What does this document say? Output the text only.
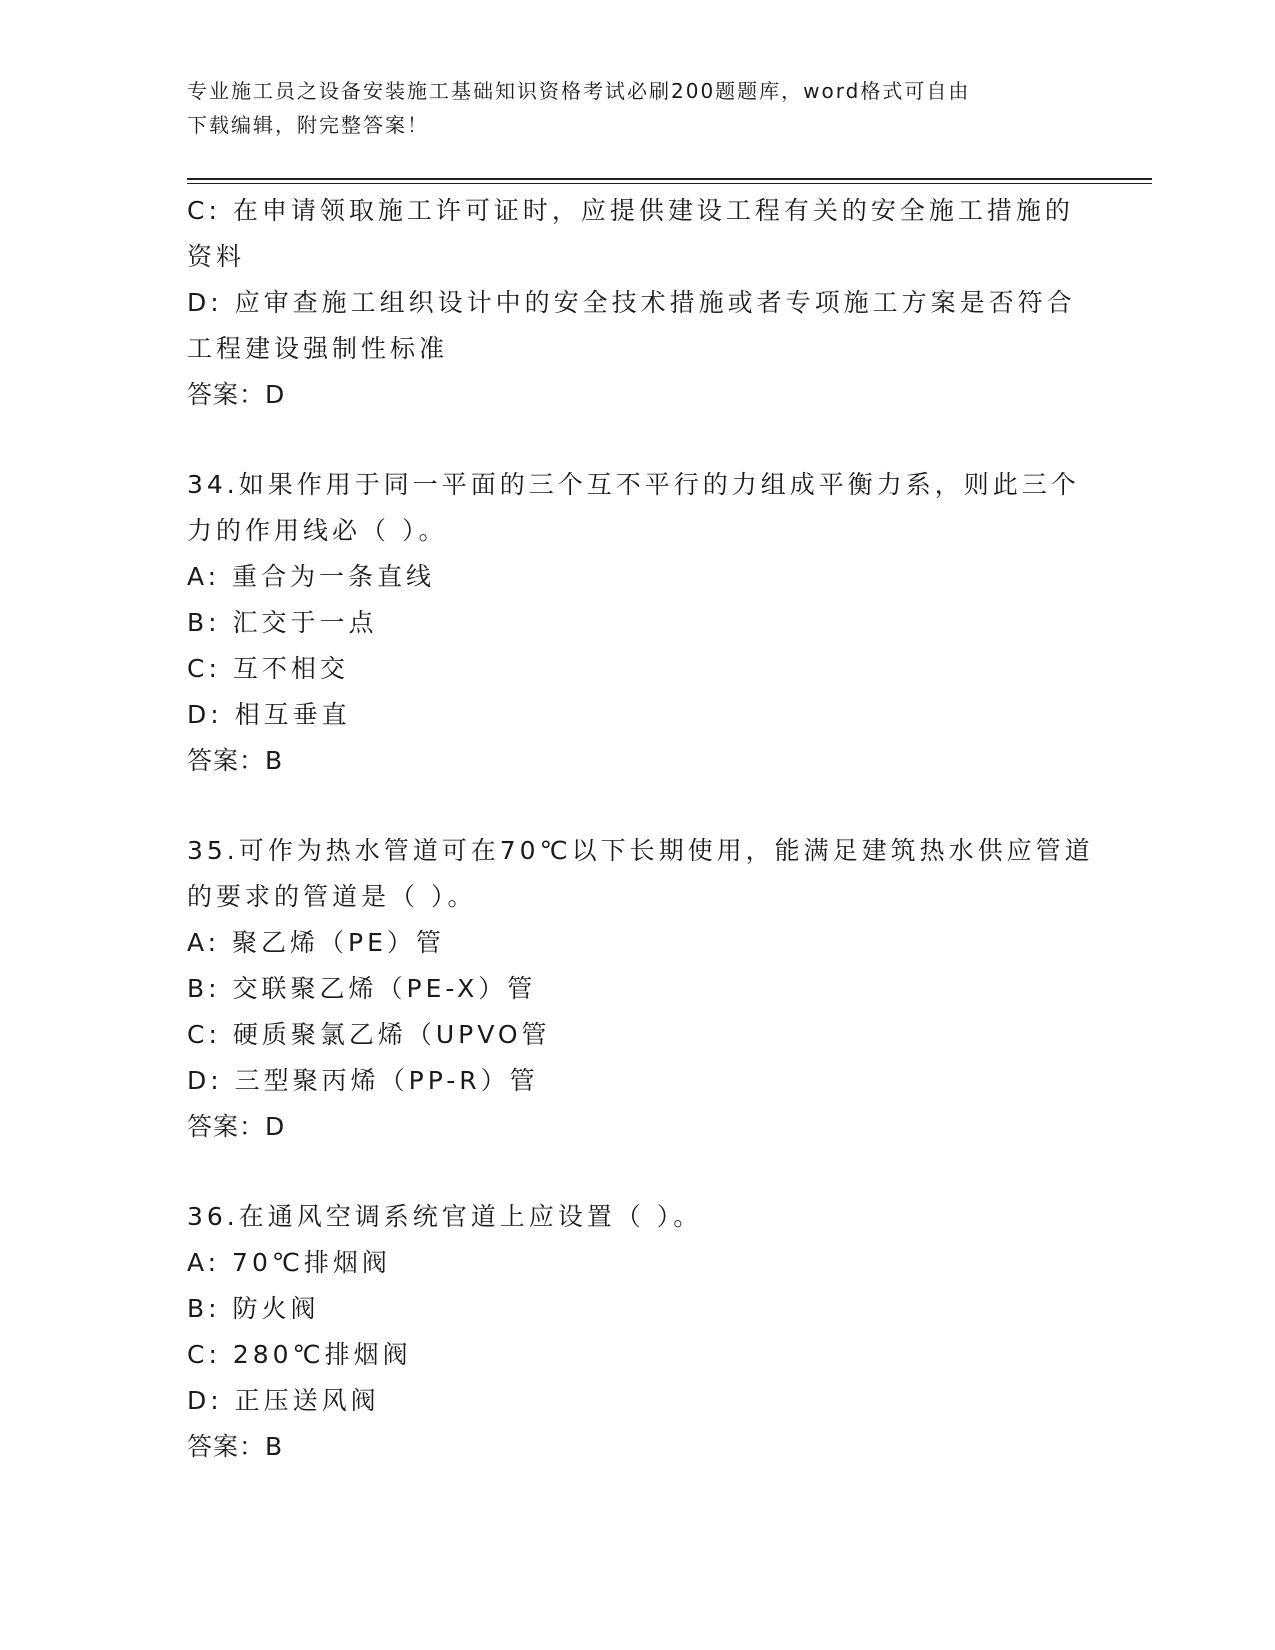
专业施工员之设备安装施工基础知识资格考试必刷200题题库，word格式可自由
下载编辑，附完整答案！
C: 在申请领取施工许可证时，应提供建设工程有关的安全施工措施的
资料
D: 应审查施工组织设计中的安全技术措施或者专项施工方案是否符合
工程建设强制性标准
答案：D
34.如果作用于同一平面的三个互不平行的力组成平衡力系，则此三个
力的作用线必（ ）。
A: 重合为一条直线
B: 汇交于一点
C: 互不相交
D: 相互垂直
答案：B
35.可作为热水管道可在70℃以下长期使用，能满足建筑热水供应管道
的要求的管道是（ ）。
A: 聚乙烯（PE）管
B: 交联聚乙烯（PE-X）管
C: 硬质聚氯乙烯（UPVO管
D: 三型聚丙烯（PP-R）管
答案：D
36.在通风空调系统官道上应设置（ ）。
A: 70℃排烟阀
B: 防火阀
C: 280℃排烟阀
D: 正压送风阀
答案：B
